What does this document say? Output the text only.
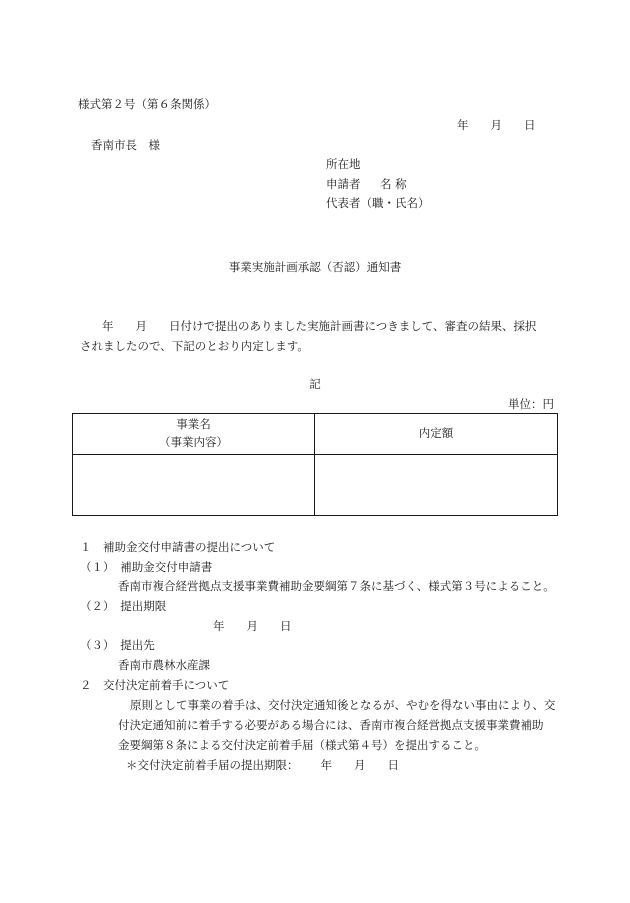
様式第２号（第６条関係）
年 月 日
香南市長　様
所在地
申請者 名 称
代表者（職・氏名）
事業実施計画承認（否認）通知書
年 月 日付けで提出のありました実施計画書につきまして、審査の結果、採択
されましたので、下記のとおり内定します。
記
単位：円
事業名
（事業内容）	内定額

１　補助金交付申請書の提出について
（１）　補助金交付申請書
香南市複合経営拠点支援事業費補助金要綱第７条に基づく、様式第３号によること。
（２）　提出期限
年 月 日
（３）　提出先
香南市農林水産課
２　交付決定前着手について
原則として事業の着手は、交付決定通知後となるが、やむを得ない事由により、交
付決定通知前に着手する必要がある場合には、香南市複合経営拠点支援事業費補助
金要綱第８条による交付決定前着手届（様式第４号）を提出すること。
＊交付決定前着手届の提出期限： 年 月 日
